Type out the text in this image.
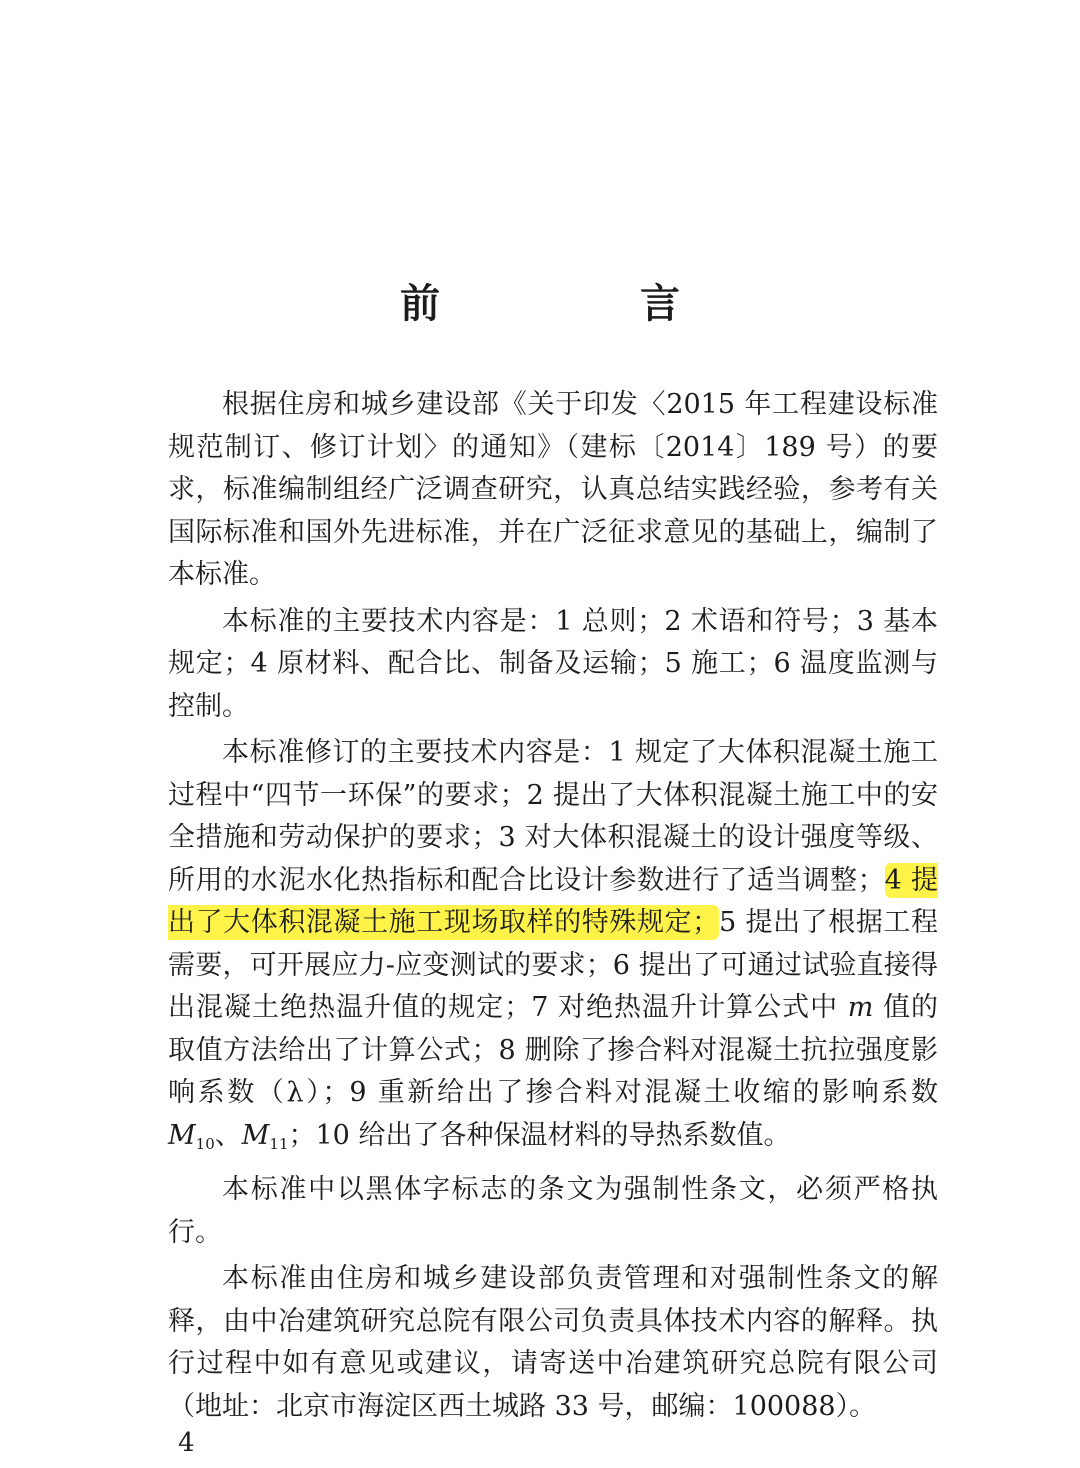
前　言

根据住房和城乡建设部《关于印发〈2015 年工程建设标准规范制订、修订计划〉的通知》（建标〔2014〕189 号）的要求，标准编制组经广泛调查研究，认真总结实践经验，参考有关国际标准和国外先进标准，并在广泛征求意见的基础上，编制了本标准。

本标准的主要技术内容是：1 总则；2 术语和符号；3 基本规定；4 原材料、配合比、制备及运输；5 施工；6 温度监测与控制。

本标准修订的主要技术内容是：1 规定了大体积混凝土施工过程中“四节一环保”的要求；2 提出了大体积混凝土施工中的安全措施和劳动保护的要求；3 对大体积混凝土的设计强度等级、所用的水泥水化热指标和配合比设计参数进行了适当调整；4 提出了大体积混凝土施工现场取样的特殊规定；5 提出了根据工程需要，可开展应力-应变测试的要求；6 提出了可通过试验直接得出混凝土绝热温升值的规定；7 对绝热温升计算公式中 m 值的取值方法给出了计算公式；8 删除了掺合料对混凝土抗拉强度影响系数（λ）；9 重新给出了掺合料对混凝土收缩的影响系数 $M_{10}$、$M_{11}$；10 给出了各种保温材料的导热系数值。

本标准中以黑体字标志的条文为强制性条文，必须严格执行。

本标准由住房和城乡建设部负责管理和对强制性条文的解释，由中冶建筑研究总院有限公司负责具体技术内容的解释。执行过程中如有意见或建议，请寄送中冶建筑研究总院有限公司（地址：北京市海淀区西土城路 33 号，邮编：100088）。

4
